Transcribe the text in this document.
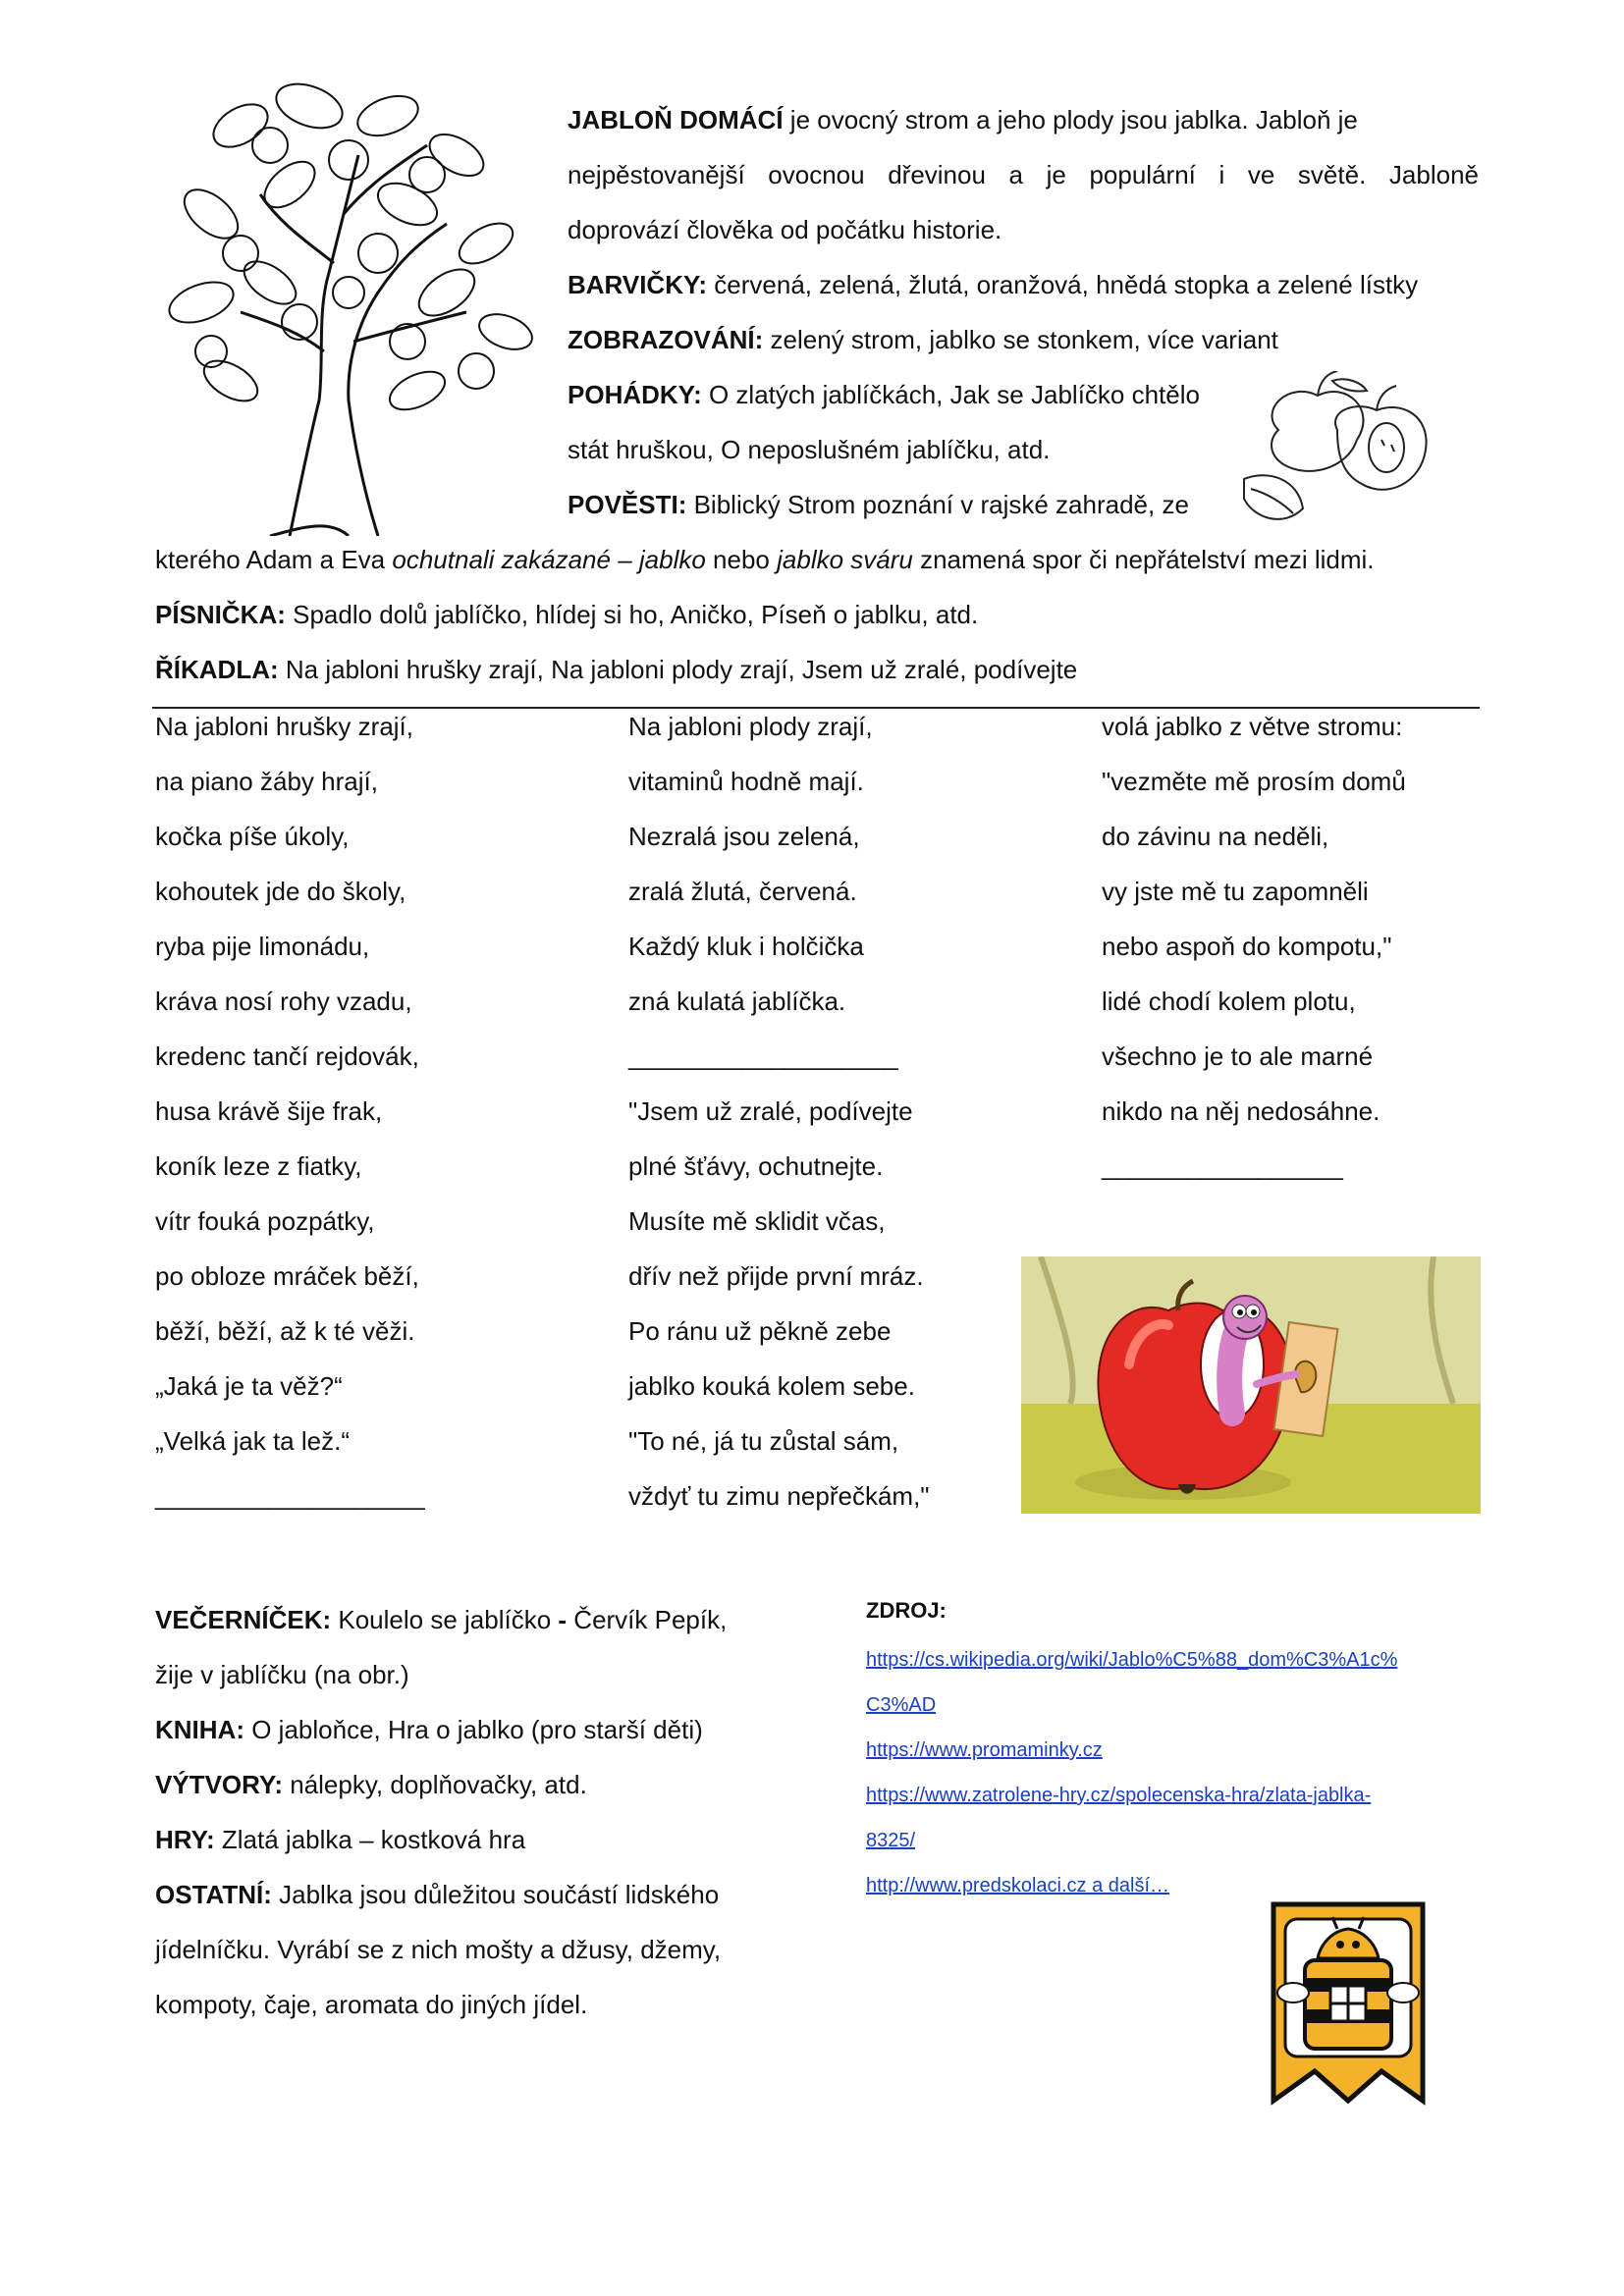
JABLOŇ DOMÁCÍ je ovocný strom a jeho plody jsou jablka. Jabloň je
nejpěstovanější ovocnou dřevinou a je populární i ve světě. Jabloně
doprovází člověka od počátku historie.
BARVIČKY: červená, zelená, žlutá, oranžová, hnědá stopka a zelené lístky
ZOBRAZOVÁNÍ: zelený strom, jablko se stonkem, více variant
POHÁDKY: O zlatých jablíčkách, Jak se Jablíčko chtělo
stát hruškou, O neposlušném jablíčku, atd.
POVĚSTI: Biblický Strom poznání v rajské zahradě, ze
kterého Adam a Eva ochutnali zakázané – jablko nebo jablko sváru znamená spor či nepřátelství mezi lidmi.
PÍSNIČKA: Spadlo dolů jablíčko, hlídej si ho, Aničko, Píseň o jablku, atd.
ŘÍKADLA: Na jabloni hrušky zrají, Na jabloni plody zrají, Jsem už zralé, podívejte
Na jabloni hrušky zrají,
na piano žáby hrají,
kočka píše úkoly,
kohoutek jde do školy,
ryba pije limonádu,
kráva nosí rohy vzadu,
kredenc tančí rejdovák,
husa krávě šije frak,
koník leze z fiatky,
vítr fouká pozpátky,
po obloze mráček běží,
běží, běží, až k té věži.
„Jaká je ta věž?“
„Velká jak ta lež.“
___________________
Na jabloni plody zrají,
vitaminů hodně mají.
Nezralá jsou zelená,
zralá žlutá, červená.
Každý kluk i holčička
zná kulatá jablíčka.
___________________
"Jsem už zralé, podívejte
plné šťávy, ochutnejte.
Musíte mě sklidit včas,
dřív než přijde první mráz.
Po ránu už pěkně zebe
jablko kouká kolem sebe.
"To né, já tu zůstal sám,
vždyť tu zimu nepřečkám,"
volá jablko z větve stromu:
"vezměte mě prosím domů
do závinu na neděli,
vy jste mě tu zapomněli
nebo aspoň do kompotu,"
lidé chodí kolem plotu,
všechno je to ale marné
nikdo na něj nedosáhne.
_________________
VEČERNÍČEK: Koulelo se jablíčko - Červík Pepík,
žije v jablíčku (na obr.)
KNIHA: O jabloňce, Hra o jablko (pro starší děti)
VÝTVORY: nálepky, doplňovačky, atd.
HRY: Zlatá jablka – kostková hra
OSTATNÍ: Jablka jsou důležitou součástí lidského
jídelníčku. Vyrábí se z nich mošty a džusy, džemy,
kompoty, čaje, aromata do jiných jídel.
ZDROJ:
https://cs.wikipedia.org/wiki/Jablo%C5%88_dom%C3%A1c%
C3%AD
https://www.promaminky.cz
https://www.zatrolene-hry.cz/spolecenska-hra/zlata-jablka-
8325/
http://www.predskolaci.cz a další…
